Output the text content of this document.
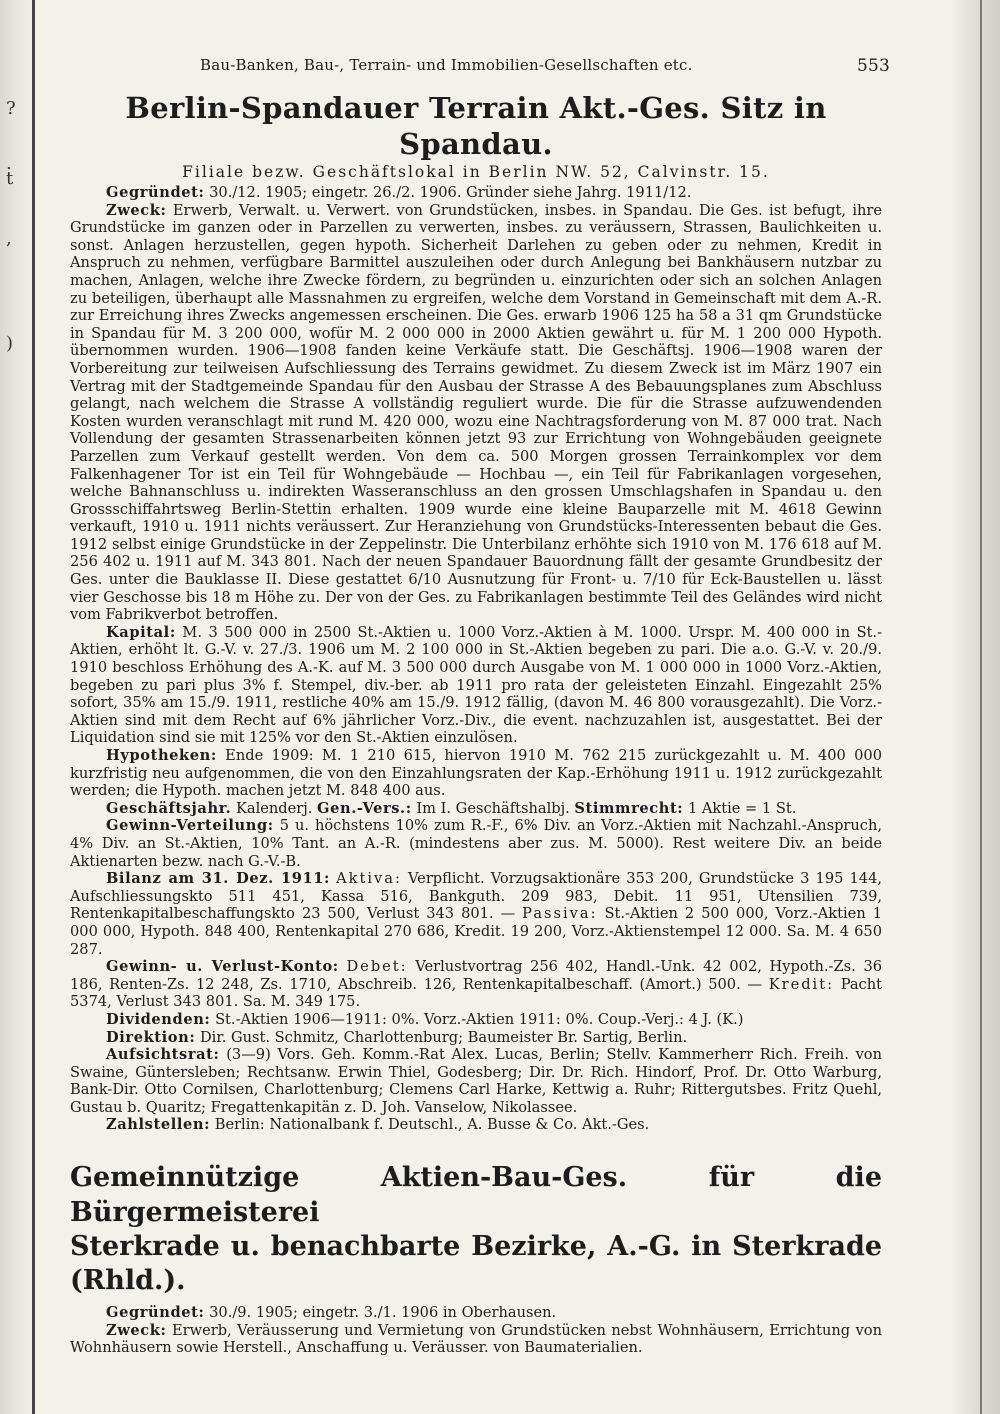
?
.
t
,
)
Bau-Banken, Bau-, Terrain- und Immobilien-Gesellschaften etc.	553
Berlin-Spandauer Terrain Akt.-Ges. Sitz in Spandau.

Filiale bezw. Geschäftslokal in Berlin NW. 52, Calvinstr. 15.

Gegründet: 30./12. 1905; eingetr. 26./2. 1906. Gründer siehe Jahrg. 1911/12.

Zweck: Erwerb, Verwalt. u. Verwert. von Grundstücken, insbes. in Spandau. Die Ges. ist befugt, ihre Grundstücke im ganzen oder in Parzellen zu verwerten, insbes. zu veräussern, Strassen, Baulichkeiten u. sonst. Anlagen herzustellen, gegen hypoth. Sicherheit Darlehen zu geben oder zu nehmen, Kredit in Anspruch zu nehmen, verfügbare Barmittel auszuleihen oder durch Anlegung bei Bankhäusern nutzbar zu machen, Anlagen, welche ihre Zwecke fördern, zu begründen u. einzurichten oder sich an solchen Anlagen zu beteiligen, überhaupt alle Massnahmen zu ergreifen, welche dem Vorstand in Gemeinschaft mit dem A.-R. zur Erreichung ihres Zwecks angemessen erscheinen. Die Ges. erwarb 1906 125 ha 58 a 31 qm Grundstücke in Spandau für M. 3 200 000, wofür M. 2 000 000 in 2000 Aktien gewährt u. für M. 1 200 000 Hypoth. übernommen wurden. 1906—1908 fanden keine Verkäufe statt. Die Geschäftsj. 1906—1908 waren der Vorbereitung zur teilweisen Aufschliessung des Terrains gewidmet. Zu diesem Zweck ist im März 1907 ein Vertrag mit der Stadtgemeinde Spandau für den Ausbau der Strasse A des Bebauungsplanes zum Abschluss gelangt, nach welchem die Strasse A vollständig reguliert wurde. Die für die Strasse aufzuwendenden Kosten wurden veranschlagt mit rund M. 420 000, wozu eine Nachtragsforderung von M. 87 000 trat. Nach Vollendung der gesamten Strassenarbeiten können jetzt 93 zur Errichtung von Wohngebäuden geeignete Parzellen zum Verkauf gestellt werden. Von dem ca. 500 Morgen grossen Terrainkomplex vor dem Falkenhagener Tor ist ein Teil für Wohngebäude — Hochbau —, ein Teil für Fabrikanlagen vorgesehen, welche Bahnanschluss u. indirekten Wasseranschluss an den grossen Umschlagshafen in Spandau u. den Grossschiffahrtsweg Berlin-Stettin erhalten. 1909 wurde eine kleine Bauparzelle mit M. 4618 Gewinn verkauft, 1910 u. 1911 nichts veräussert. Zur Heranziehung von Grundstücks-Interessenten bebaut die Ges. 1912 selbst einige Grundstücke in der Zeppelinstr. Die Unterbilanz erhöhte sich 1910 von M. 176 618 auf M. 256 402 u. 1911 auf M. 343 801. Nach der neuen Spandauer Bauordnung fällt der gesamte Grundbesitz der Ges. unter die Bauklasse II. Diese gestattet 6/10 Ausnutzung für Front- u. 7/10 für Eck-Baustellen u. lässt vier Geschosse bis 18 m Höhe zu. Der von der Ges. zu Fabrikanlagen bestimmte Teil des Geländes wird nicht vom Fabrikverbot betroffen.

Kapital: M. 3 500 000 in 2500 St.-Aktien u. 1000 Vorz.-Aktien à M. 1000. Urspr. M. 400 000 in St.-Aktien, erhöht lt. G.-V. v. 27./3. 1906 um M. 2 100 000 in St.-Aktien begeben zu pari. Die a.o. G.-V. v. 20./9. 1910 beschloss Erhöhung des A.-K. auf M. 3 500 000 durch Ausgabe von M. 1 000 000 in 1000 Vorz.-Aktien, begeben zu pari plus 3% f. Stempel, div.-ber. ab 1911 pro rata der geleisteten Einzahl. Eingezahlt 25% sofort, 35% am 15./9. 1911, restliche 40% am 15./9. 1912 fällig, (davon M. 46 800 vorausgezahlt). Die Vorz.-Aktien sind mit dem Recht auf 6% jährlicher Vorz.-Div., die event. nachzuzahlen ist, ausgestattet. Bei der Liquidation sind sie mit 125% vor den St.-Aktien einzulösen.

Hypotheken: Ende 1909: M. 1 210 615, hiervon 1910 M. 762 215 zurückgezahlt u. M. 400 000 kurzfristig neu aufgenommen, die von den Einzahlungsraten der Kap.-Erhöhung 1911 u. 1912 zurückgezahlt werden; die Hypoth. machen jetzt M. 848 400 aus.

Geschäftsjahr. Kalenderj. Gen.-Vers.: Im I. Geschäftshalbj. Stimmrecht: 1 Aktie = 1 St.

Gewinn-Verteilung: 5 u. höchstens 10% zum R.-F., 6% Div. an Vorz.-Aktien mit Nachzahl.-Anspruch, 4% Div. an St.-Aktien, 10% Tant. an A.-R. (mindestens aber zus. M. 5000). Rest weitere Div. an beide Aktienarten bezw. nach G.-V.-B.

Bilanz am 31. Dez. 1911: Aktiva: Verpflicht. Vorzugsaktionäre 353 200, Grundstücke 3 195 144, Aufschliessungskto 511 451, Kassa 516, Bankguth. 209 983, Debit. 11 951, Utensilien 739, Rentenkapitalbeschaffungskto 23 500, Verlust 343 801. — Passiva: St.-Aktien 2 500 000, Vorz.-Aktien 1 000 000, Hypoth. 848 400, Rentenkapital 270 686, Kredit. 19 200, Vorz.-Aktienstempel 12 000. Sa. M. 4 650 287.

Gewinn- u. Verlust-Konto: Debet: Verlustvortrag 256 402, Handl.-Unk. 42 002, Hypoth.-Zs. 36 186, Renten-Zs. 12 248, Zs. 1710, Abschreib. 126, Rentenkapitalbeschaff. (Amort.) 500. — Kredit: Pacht 5374, Verlust 343 801. Sa. M. 349 175.

Dividenden: St.-Aktien 1906—1911: 0%. Vorz.-Aktien 1911: 0%. Coup.-Verj.: 4 J. (K.)

Direktion: Dir. Gust. Schmitz, Charlottenburg; Baumeister Br. Sartig, Berlin.

Aufsichtsrat: (3—9) Vors. Geh. Komm.-Rat Alex. Lucas, Berlin; Stellv. Kammerherr Rich. Freih. von Swaine, Güntersleben; Rechtsanw. Erwin Thiel, Godesberg; Dir. Dr. Rich. Hindorf, Prof. Dr. Otto Warburg, Bank-Dir. Otto Cornilsen, Charlottenburg; Clemens Carl Harke, Kettwig a. Ruhr; Rittergutsbes. Fritz Quehl, Gustau b. Quaritz; Fregattenkapitän z. D. Joh. Vanselow, Nikolassee.

Zahlstellen: Berlin: Nationalbank f. Deutschl., A. Busse & Co. Akt.-Ges.

Gemeinnützige Aktien-Bau-Ges. für die Bürgermeisterei
Sterkrade u. benachbarte Bezirke, A.-G. in Sterkrade (Rhld.).

Gegründet: 30./9. 1905; eingetr. 3./1. 1906 in Oberhausen.

Zweck: Erwerb, Veräusserung und Vermietung von Grundstücken nebst Wohnhäusern, Errichtung von Wohnhäusern sowie Herstell., Anschaffung u. Veräusser. von Baumaterialien.
